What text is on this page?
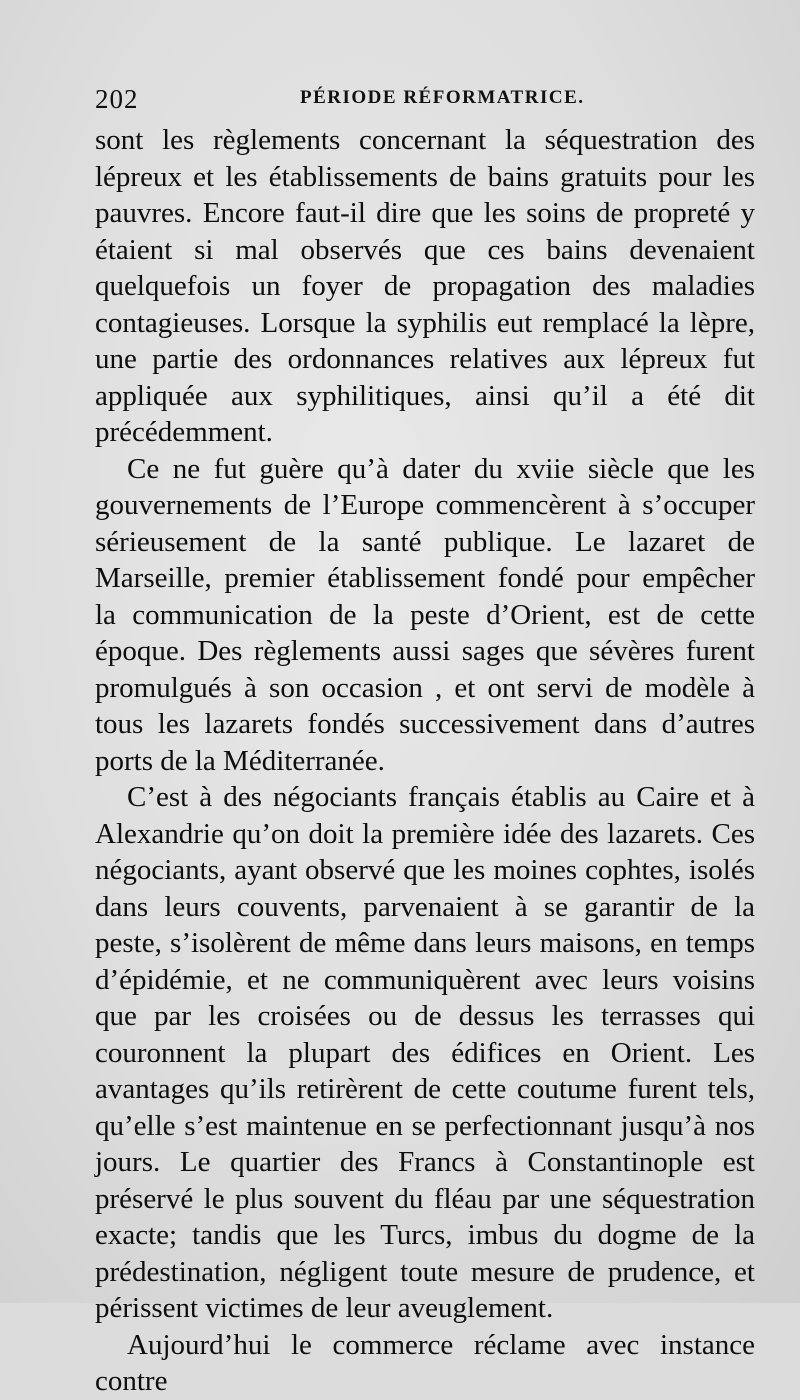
202	PÉRIODE RÉFORMATRICE.

sont les règlements concernant la séquestration des lépreux et les établissements de bains gratuits pour les pauvres. Encore faut-il dire que les soins de propreté y étaient si mal observés que ces bains devenaient quelquefois un foyer de propagation des maladies contagieuses. Lorsque la syphilis eut remplacé la lèpre, une partie des ordonnances relatives aux lépreux fut appliquée aux syphilitiques, ainsi qu’il a été dit précédemment.

Ce ne fut guère qu’à dater du xviie siècle que les gouvernements de l’Europe commencèrent à s’occuper sérieusement de la santé publique. Le lazaret de Marseille, premier établissement fondé pour empêcher la communication de la peste d’Orient, est de cette époque. Des règlements aussi sages que sévères furent promulgués à son occasion , et ont servi de modèle à tous les lazarets fondés successivement dans d’autres ports de la Méditerranée.

C’est à des négociants français établis au Caire et à Alexandrie qu’on doit la première idée des lazarets. Ces négociants, ayant observé que les moines cophtes, isolés dans leurs couvents, parvenaient à se garantir de la peste, s’isolèrent de même dans leurs maisons, en temps d’épidémie, et ne communiquèrent avec leurs voisins que par les croisées ou de dessus les terrasses qui couronnent la plupart des édifices en Orient. Les avantages qu’ils retirèrent de cette coutume furent tels, qu’elle s’est maintenue en se perfectionnant jusqu’à nos jours. Le quartier des Francs à Constantinople est préservé le plus souvent du fléau par une séquestration exacte; tandis que les Turcs, imbus du dogme de la prédestination, négligent toute mesure de prudence, et périssent victimes de leur aveuglement.

Aujourd’hui le commerce réclame avec instance contre
